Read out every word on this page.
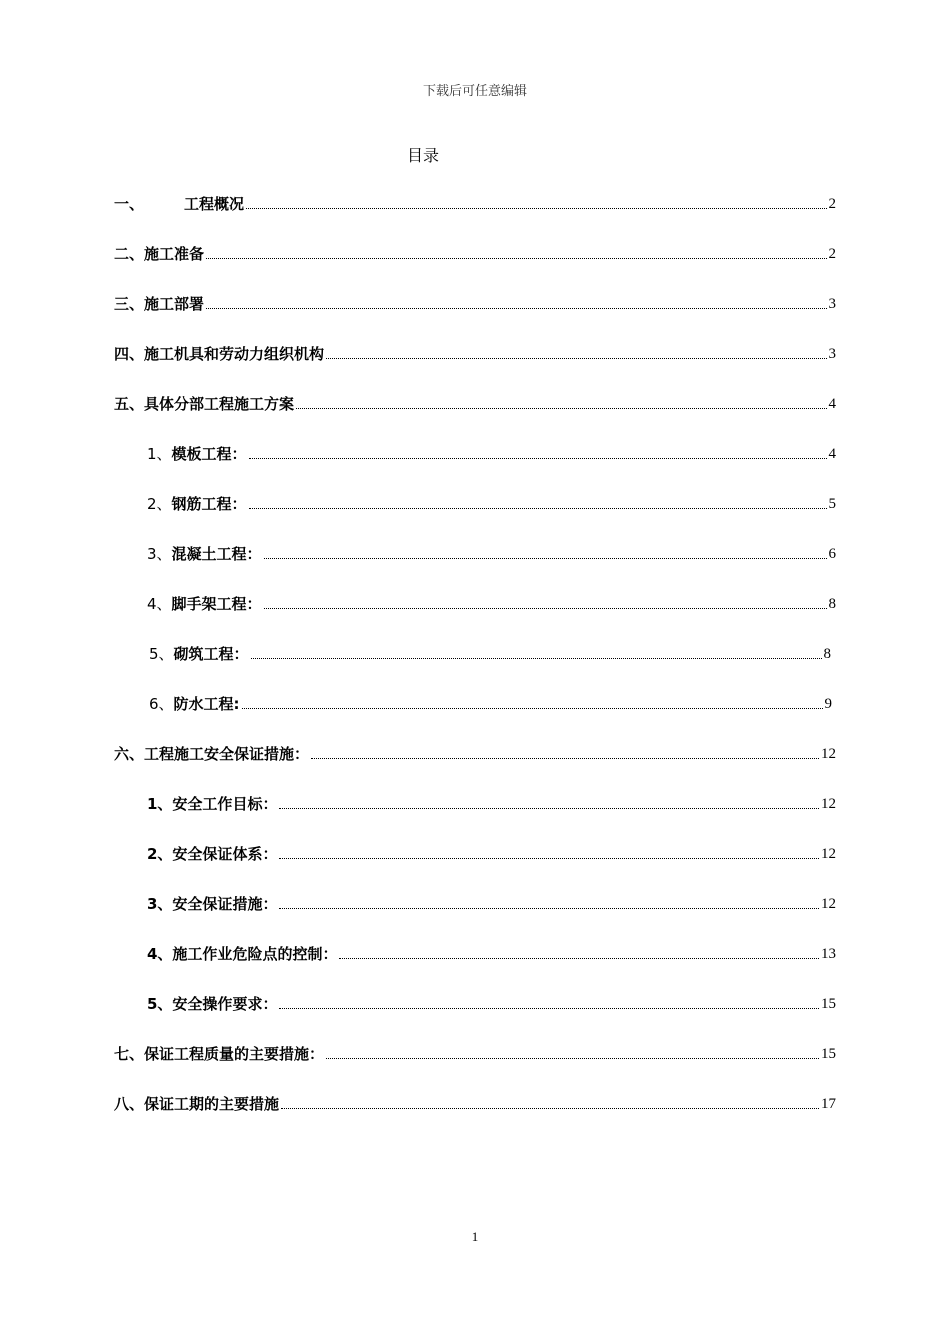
下载后可任意编辑
目录
一、	工程概况	2
二、施工准备	2
三、施工部署	3
四、施工机具和劳动力组织机构	3
五、具体分部工程施工方案	4
1、模板工程：	4
2、钢筋工程：	5
3、混凝土工程：	6
4、脚手架工程：	8
5、砌筑工程：	8
6、防水工程:	9
六、工程施工安全保证措施：	12
1、安全工作目标：	12
2、安全保证体系：	12
3、安全保证措施：	12
4、施工作业危险点的控制：	13
5、安全操作要求：	15
七、保证工程质量的主要措施：	15
八、保证工期的主要措施	17
1
